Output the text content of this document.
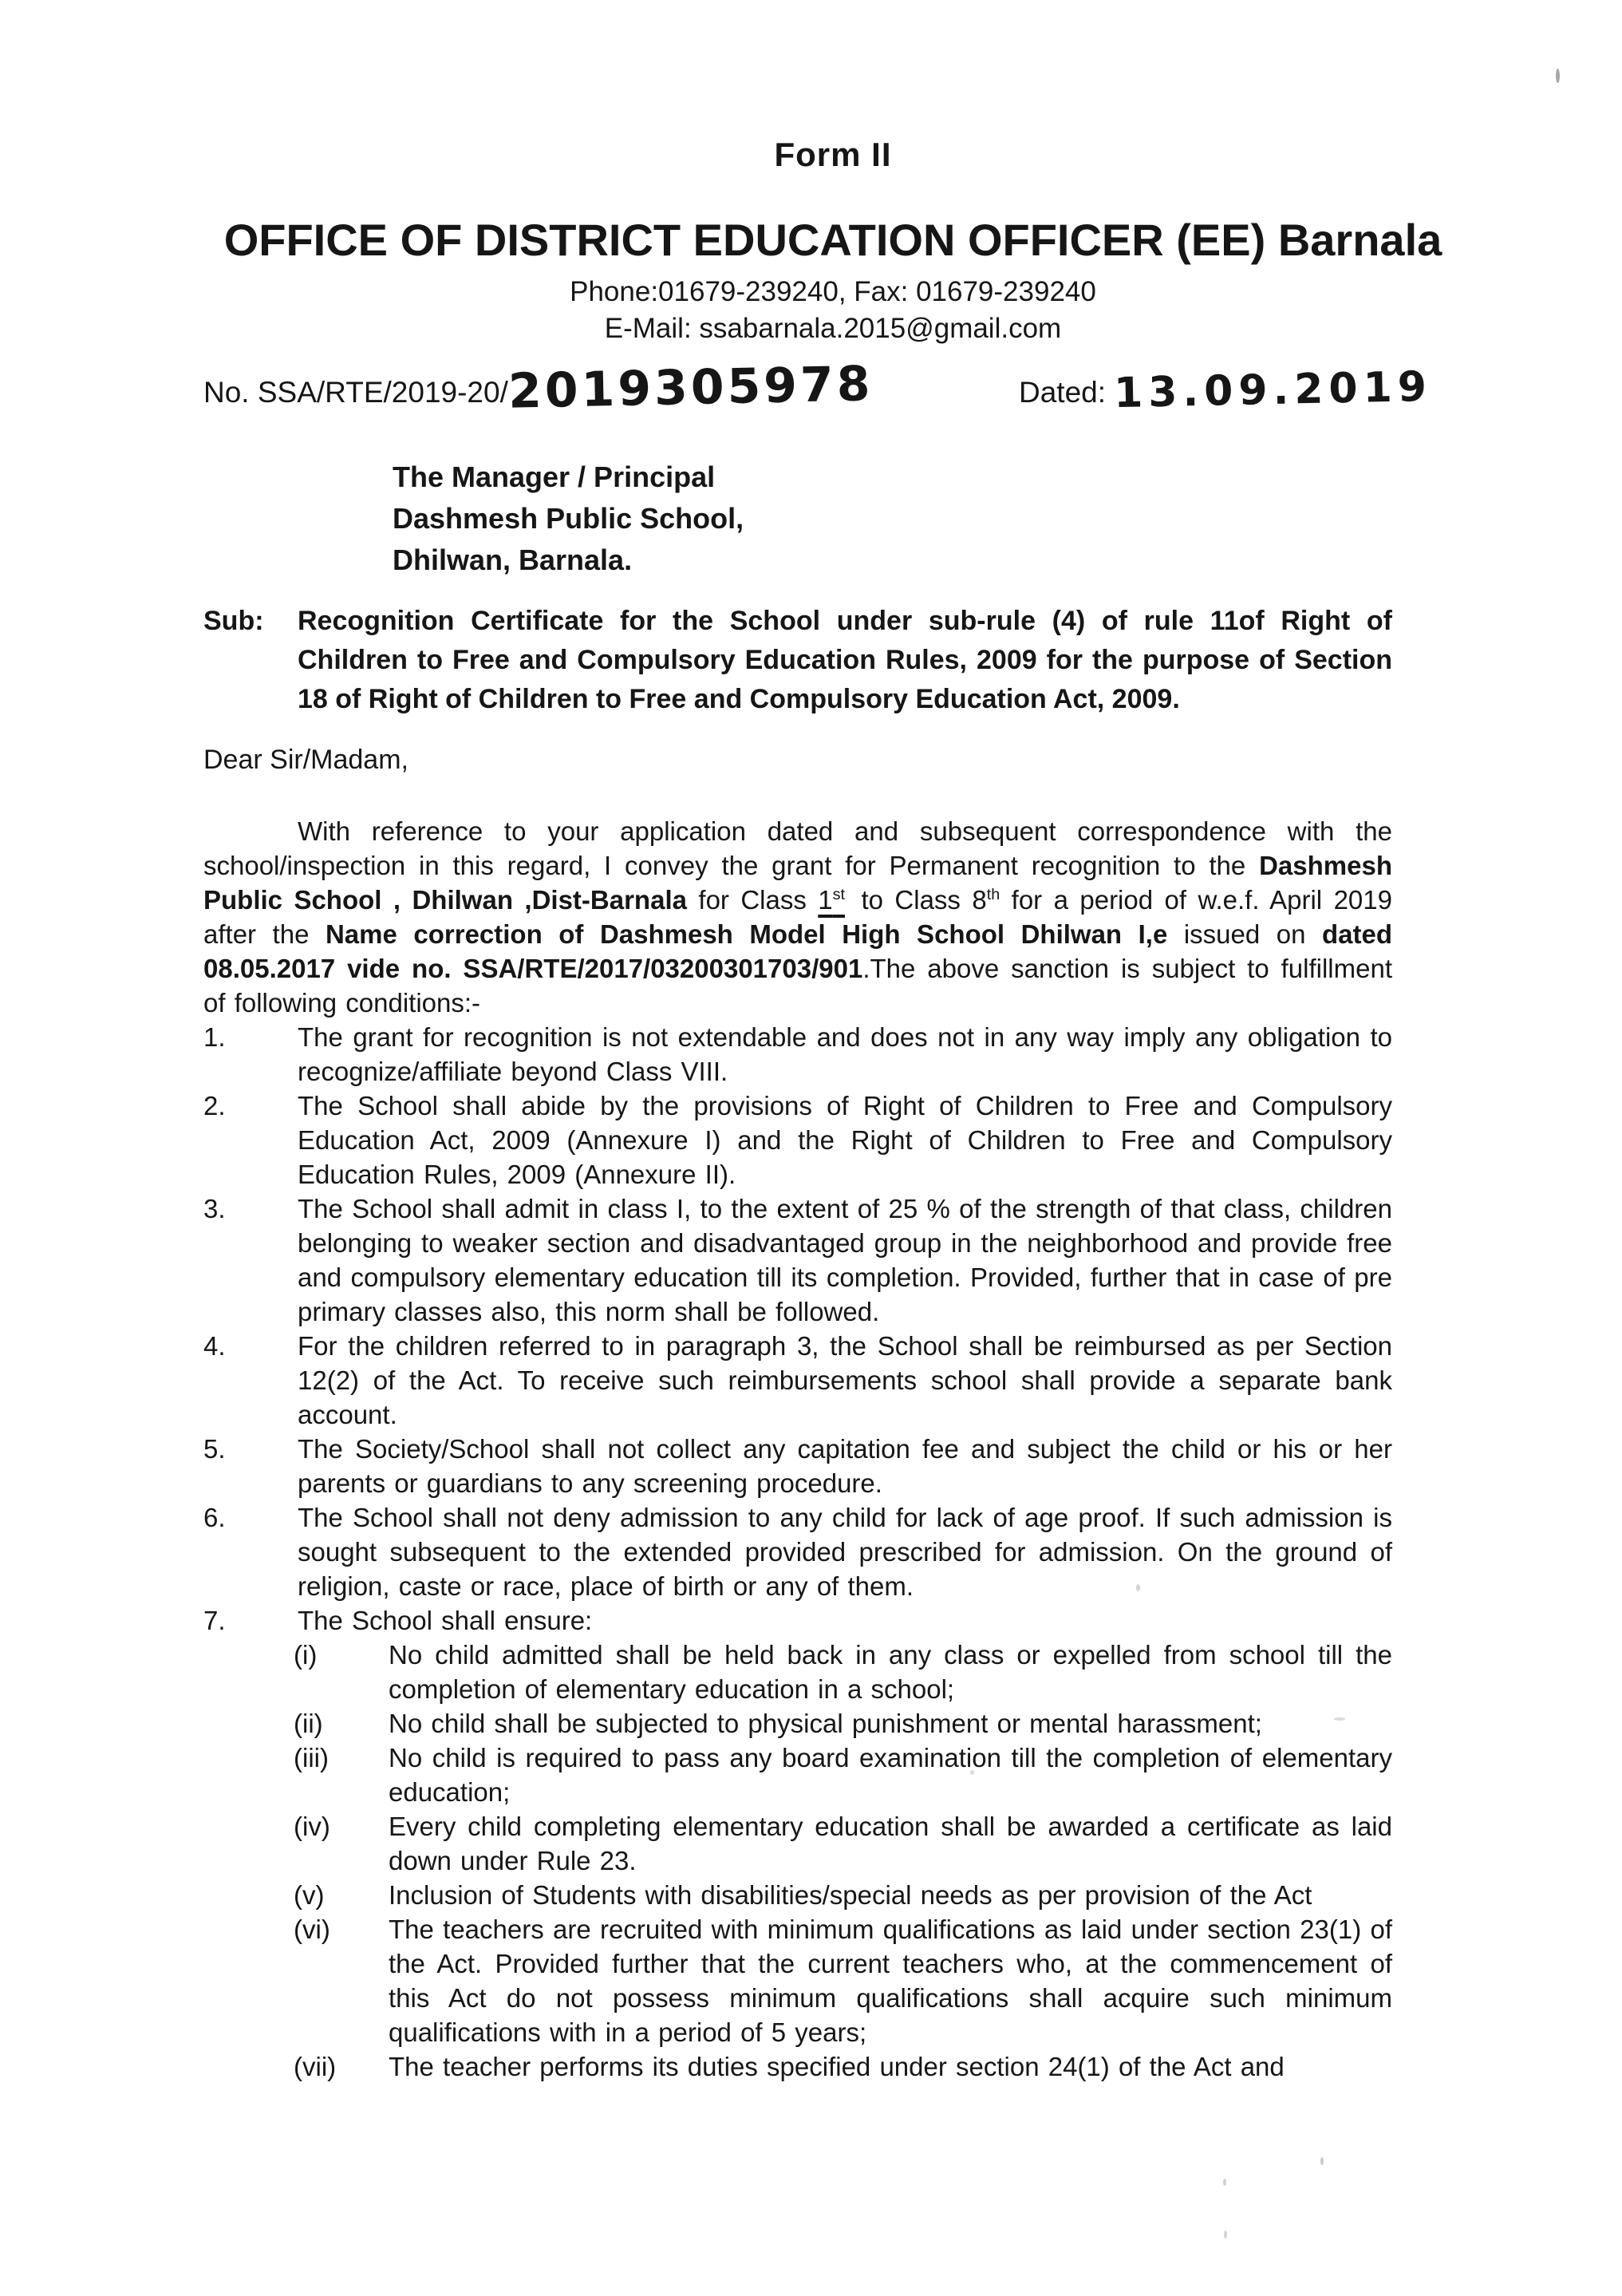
Form II
OFFICE OF DISTRICT EDUCATION OFFICER (EE) Barnala
Phone:01679-239240, Fax: 01679-239240
E-Mail: ssabarnala.2015@gmail.com
No. SSA/RTE/2019-20/2019305978	Dated: 13.09.2019
The Manager / Principal
Dashmesh Public School,
Dhilwan, Barnala.
Sub: Recognition Certificate for the School under sub-rule (4) of rule 11of Right of Children to Free and Compulsory Education Rules, 2009 for the purpose of Section 18 of Right of Children to Free and Compulsory Education Act, 2009.
Dear Sir/Madam,

With reference to your application dated and subsequent correspondence with the school/inspection in this regard, I convey the grant for Permanent recognition to the Dashmesh Public School , Dhilwan ,Dist-Barnala for Class 1st to Class 8th for a period of w.e.f. April 2019 after the Name correction of Dashmesh Model High School Dhilwan I,e issued on dated 08.05.2017 vide no. SSA/RTE/2017/03200301703/901.The above sanction is subject to fulfillment of following conditions:-

1.	The grant for recognition is not extendable and does not in any way imply any obligation to recognize/affiliate beyond Class VIII.
2.	The School shall abide by the provisions of Right of Children to Free and Compulsory Education Act, 2009 (Annexure I) and the Right of Children to Free and Compulsory Education Rules, 2009 (Annexure II).
3.	The School shall admit in class I, to the extent of 25 % of the strength of that class, children belonging to weaker section and disadvantaged group in the neighborhood and provide free and compulsory elementary education till its completion. Provided, further that in case of pre primary classes also, this norm shall be followed.
4.	For the children referred to in paragraph 3, the School shall be reimbursed as per Section 12(2) of the Act. To receive such reimbursements school shall provide a separate bank account.
5.	The Society/School shall not collect any capitation fee and subject the child or his or her parents or guardians to any screening procedure.
6.	The School shall not deny admission to any child for lack of age proof. If such admission is sought subsequent to the extended provided prescribed for admission. On the ground of religion, caste or race, place of birth or any of them.
7.	The School shall ensure:
(i)	No child admitted shall be held back in any class or expelled from school till the completion of elementary education in a school;
(ii) No child shall be subjected to physical punishment or mental harassment;
(iii) No child is required to pass any board examination till the completion of elementary education;
(iv) Every child completing elementary education shall be awarded a certificate as laid down under Rule 23.
(v) Inclusion of Students with disabilities/special needs as per provision of the Act
(vi) The teachers are recruited with minimum qualifications as laid under section 23(1) of the Act. Provided further that the current teachers who, at the commencement of this Act do not possess minimum qualifications shall acquire such minimum qualifications with in a period of 5 years;
(vii) The teacher performs its duties specified under section 24(1) of the Act and
